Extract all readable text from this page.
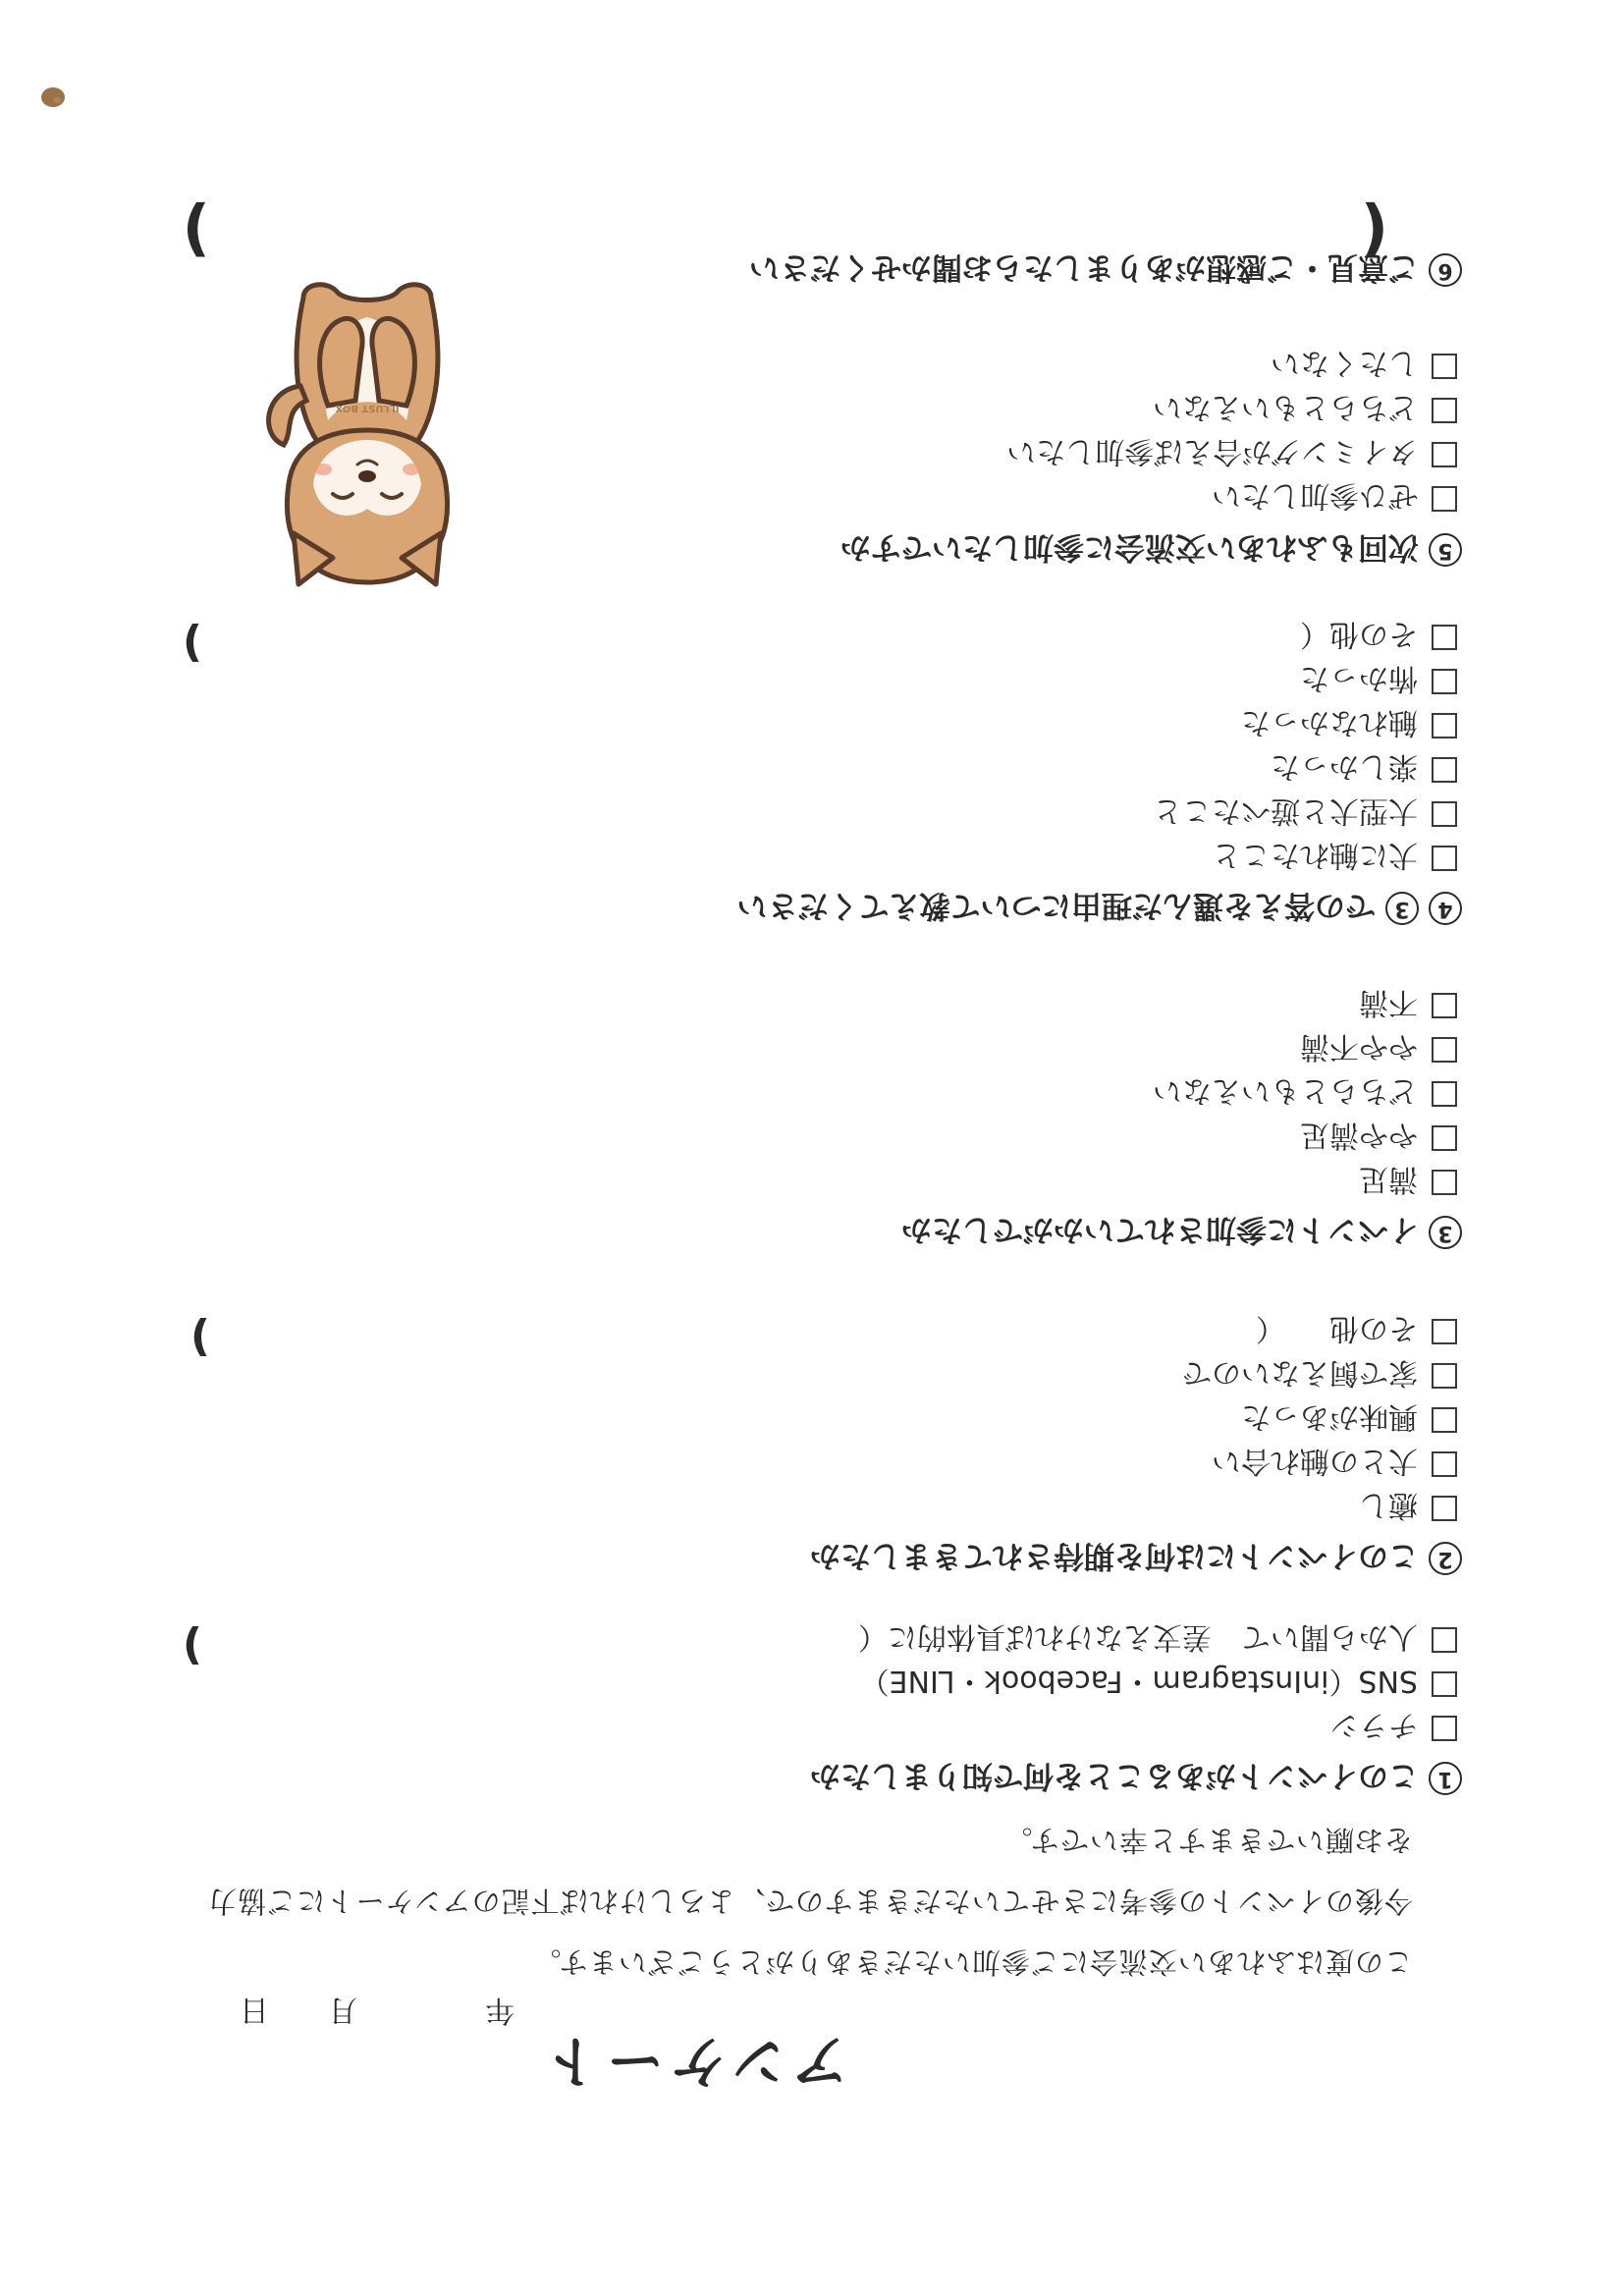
アンケート
年
月
日
この度はふれあい交流会にご参加いただきありがとうございます。
今後のイベントの参考にさせていただきますので、よろしければ下記のアンケートにご協力
をお願いできますと幸いです。
1
このイベントがあることを何で知りましたか
チラシ
SNS（inInstagram・Facebook・LINE）
人から聞いて　差支えなければ具体的に（
)
2
このイベントには何を期待されてきましたか
癒し
犬との触れ合い
興味があった
家で飼えないので
その他　　（
)
3
イベントに参加されていかがでしたか
満足
やや満足
どちらともいえない
やや不満
不満
4
3
での答えを選んだ理由について教えてください
犬に触れたこと
大型犬と遊べたこと
楽しかった
触れなかった
怖かった
その他（
)
5
次回もふれあい交流会に参加したいですか
ぜひ参加したい
タイミングが合えば参加したい
どちらともいえない
したくない
6
ご意見・ご感想がありましたらお聞かせください
(
)
ILLUST BOX
